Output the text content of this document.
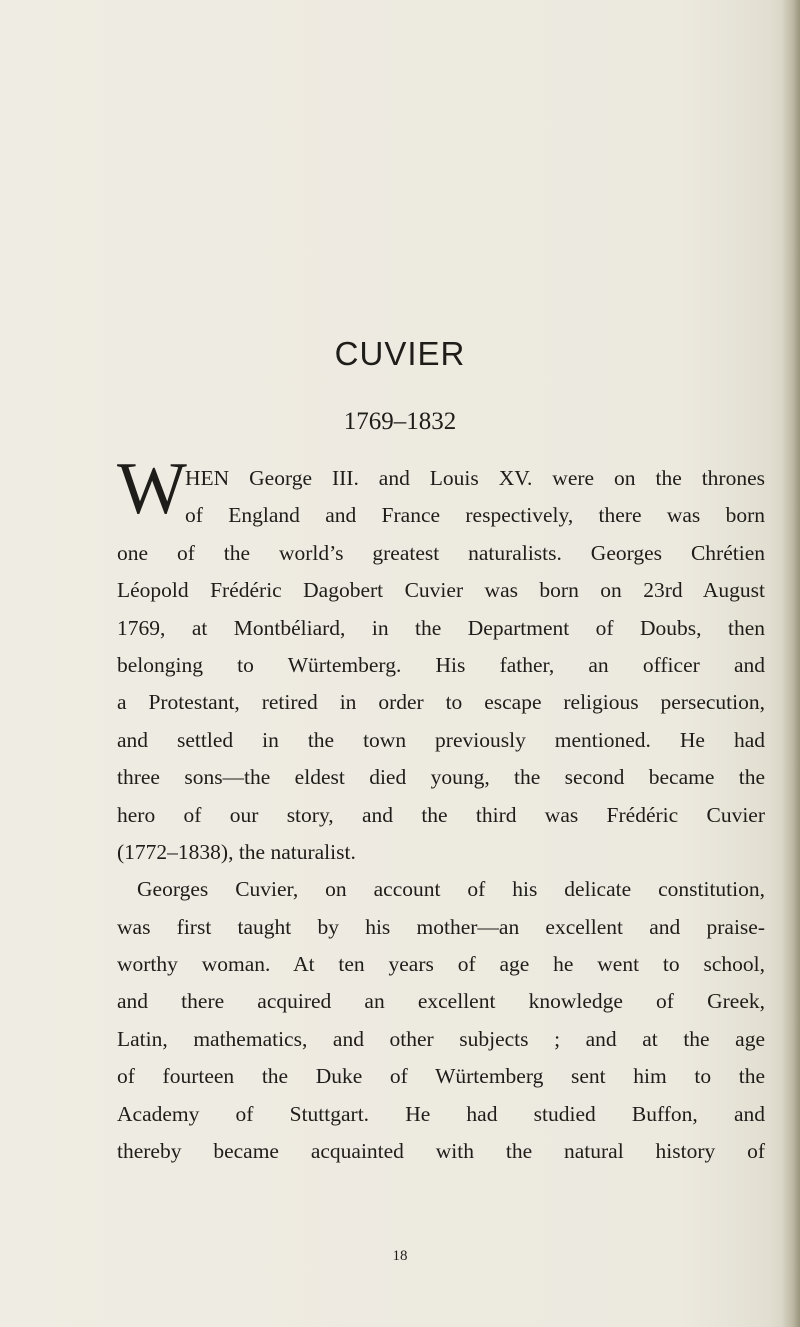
CUVIER
1769–1832
W
HEN George III. and Louis XV. were on the thrones
of England and France respectively, there was born
one of the world’s greatest naturalists. Georges Chrétien
Léopold Frédéric Dagobert Cuvier was born on 23rd August
1769, at Montbéliard, in the Department of Doubs, then
belonging to Würtemberg. His father, an officer and
a Protestant, retired in order to escape religious persecution,
and settled in the town previously mentioned. He had
three sons—the eldest died young, the second became the
hero of our story, and the third was Frédéric Cuvier
(1772–1838), the naturalist.
Georges Cuvier, on account of his delicate constitution,
was first taught by his mother—an excellent and praise-
worthy woman. At ten years of age he went to school,
and there acquired an excellent knowledge of Greek,
Latin, mathematics, and other subjects ; and at the age
of fourteen the Duke of Würtemberg sent him to the
Academy of Stuttgart. He had studied Buffon, and
thereby became acquainted with the natural history of
18
